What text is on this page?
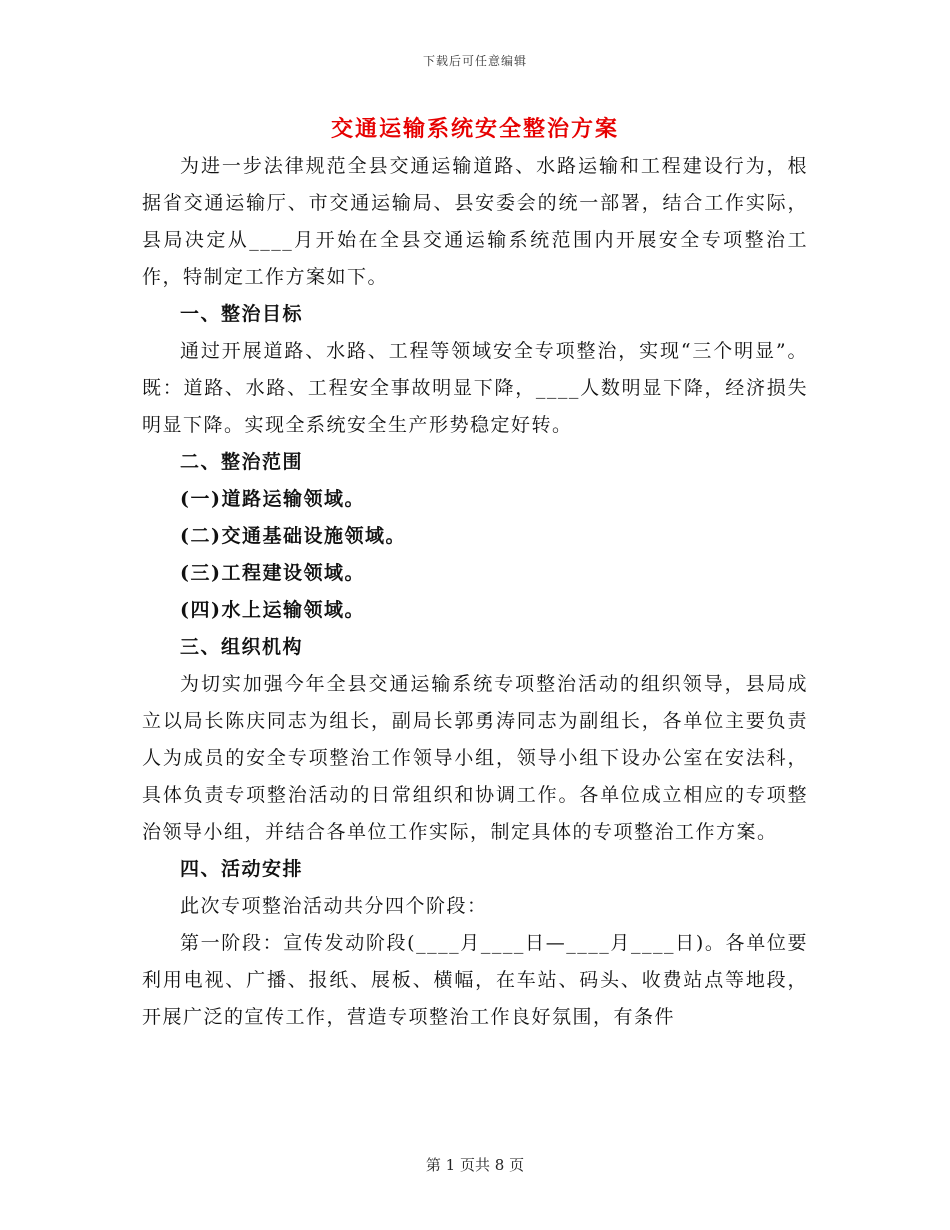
下载后可任意编辑
交通运输系统安全整治方案

为进一步法律规范全县交通运输道路、水路运输和工程建设行为，根据省交通运输厅、市交通运输局、县安委会的统一部署，结合工作实际，县局决定从____月开始在全县交通运输系统范围内开展安全专项整治工作，特制定工作方案如下。

一、整治目标

通过开展道路、水路、工程等领域安全专项整治，实现“三个明显”。既：道路、水路、工程安全事故明显下降，____人数明显下降，经济损失明显下降。实现全系统安全生产形势稳定好转。

二、整治范围

(一)道路运输领域。

(二)交通基础设施领域。

(三)工程建设领域。

(四)水上运输领域。

三、组织机构

为切实加强今年全县交通运输系统专项整治活动的组织领导，县局成立以局长陈庆同志为组长，副局长郭勇涛同志为副组长，各单位主要负责人为成员的安全专项整治工作领导小组，领导小组下设办公室在安法科，具体负责专项整治活动的日常组织和协调工作。各单位成立相应的专项整治领导小组，并结合各单位工作实际，制定具体的专项整治工作方案。

四、活动安排

此次专项整治活动共分四个阶段：

第一阶段：宣传发动阶段(____月____日—____月____日)。各单位要利用电视、广播、报纸、展板、横幅，在车站、码头、收费站点等地段，开展广泛的宣传工作，营造专项整治工作良好氛围，有条件

第 1 页共 8 页
